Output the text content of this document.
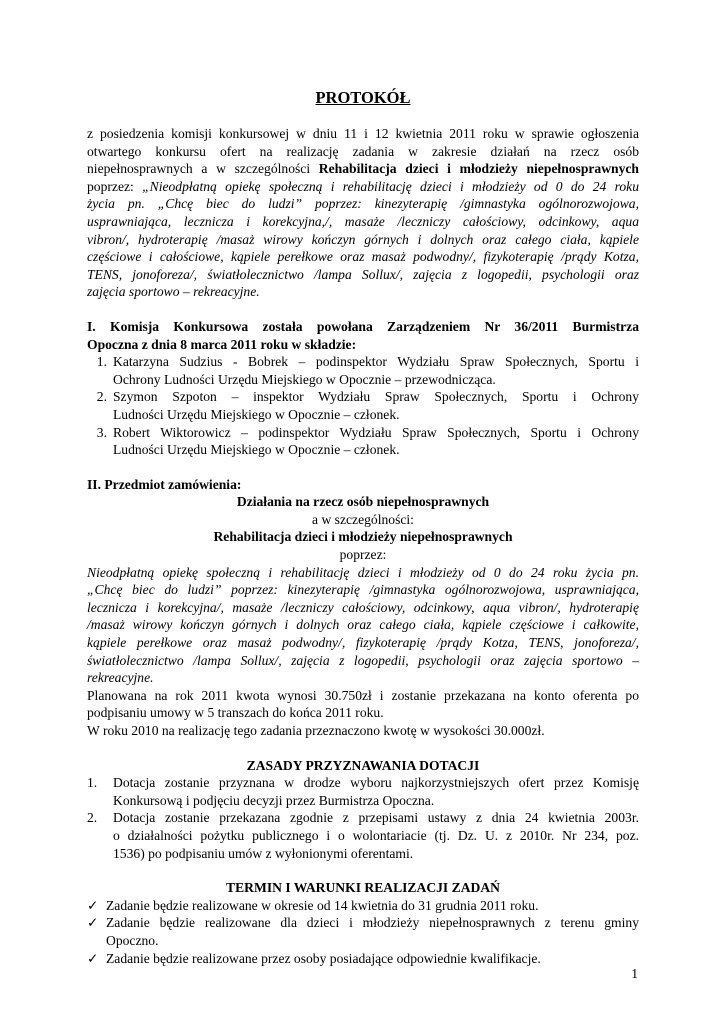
PROTOKÓŁ

z posiedzenia komisji konkursowej w dniu 11 i 12 kwietnia 2011 roku w sprawie ogłoszenia

otwartego konkursu ofert na realizację zadania w zakresie działań na rzecz osób

niepełnosprawnych a w szczególności Rehabilitacja dzieci i młodzieży niepełnosprawnych

poprzez: „Nieodpłatną opiekę społeczną i rehabilitację dzieci i młodzieży od 0 do 24 roku

życia pn. „Chcę biec do ludzi” poprzez: kinezyterapię /gimnastyka ogólnorozwojowa,

usprawniająca, lecznicza i korekcyjna,/, masaże /leczniczy całościowy, odcinkowy, aqua

vibron/, hydroterapię /masaż wirowy kończyn górnych i dolnych oraz całego ciała, kąpiele

częściowe i całościowe, kąpiele perełkowe oraz masaż podwodny/, fizykoterapię /prądy Kotza,

TENS, jonoforeza/, światłolecznictwo /lampa Sollux/, zajęcia z logopedii, psychologii oraz

zajęcia sportowo – rekreacyjne.

I. Komisja Konkursowa została powołana Zarządzeniem Nr 36/2011 Burmistrza

Opoczna z dnia 8 marca 2011 roku w składzie:

1. Katarzyna Sudzius - Bobrek – podinspektor Wydziału Spraw Społecznych, Sportu i

Ochrony Ludności Urzędu Miejskiego w Opocznie – przewodnicząca.

2. Szymon Szpoton – inspektor Wydziału Spraw Społecznych, Sportu i Ochrony

Ludności Urzędu Miejskiego w Opocznie – członek.

3. Robert Wiktorowicz – podinspektor Wydziału Spraw Społecznych, Sportu i Ochrony

Ludności Urzędu Miejskiego w Opocznie – członek.

II. Przedmiot zamówienia:

Działania na rzecz osób niepełnosprawnych

a w szczególności:

Rehabilitacja dzieci i młodzieży niepełnosprawnych

poprzez:

Nieodpłatną opiekę społeczną i rehabilitację dzieci i młodzieży od 0 do 24 roku życia pn.

„Chcę biec do ludzi” poprzez: kinezyterapię /gimnastyka ogólnorozwojowa, usprawniająca,

lecznicza i korekcyjna/, masaże /leczniczy całościowy, odcinkowy, aqua vibron/, hydroterapię

/masaż wirowy kończyn górnych i dolnych oraz całego ciała, kąpiele częściowe i całkowite,

kąpiele perełkowe oraz masaż podwodny/, fizykoterapię /prądy Kotza, TENS, jonoforeza/,

światłolecznictwo /lampa Sollux/, zajęcia z logopedii, psychologii oraz zajęcia sportowo –

rekreacyjne.

Planowana na rok 2011 kwota wynosi 30.750zł i zostanie przekazana na konto oferenta po

podpisaniu umowy w 5 transzach do końca 2011 roku.

W roku 2010 na realizację tego zadania przeznaczono kwotę w wysokości 30.000zł.

ZASADY PRZYZNAWANIA DOTACJI

1.	Dotacja zostanie przyznana w drodze wyboru najkorzystniejszych ofert przez Komisję

Konkursową i podjęciu decyzji przez Burmistrza Opoczna.

2.	Dotacja zostanie przekazana zgodnie z przepisami ustawy z dnia 24 kwietnia 2003r.

o działalności pożytku publicznego i o wolontariacie (tj. Dz. U. z 2010r. Nr 234, poz.

1536) po podpisaniu umów z wyłonionymi oferentami.

TERMIN I WARUNKI REALIZACJI ZADAŃ

✓ Zadanie będzie realizowane w okresie od 14 kwietnia do 31 grudnia 2011 roku.

✓ Zadanie będzie realizowane dla dzieci i młodzieży niepełnosprawnych z terenu gminy

Opoczno.

✓ Zadanie będzie realizowane przez osoby posiadające odpowiednie kwalifikacje.

1
